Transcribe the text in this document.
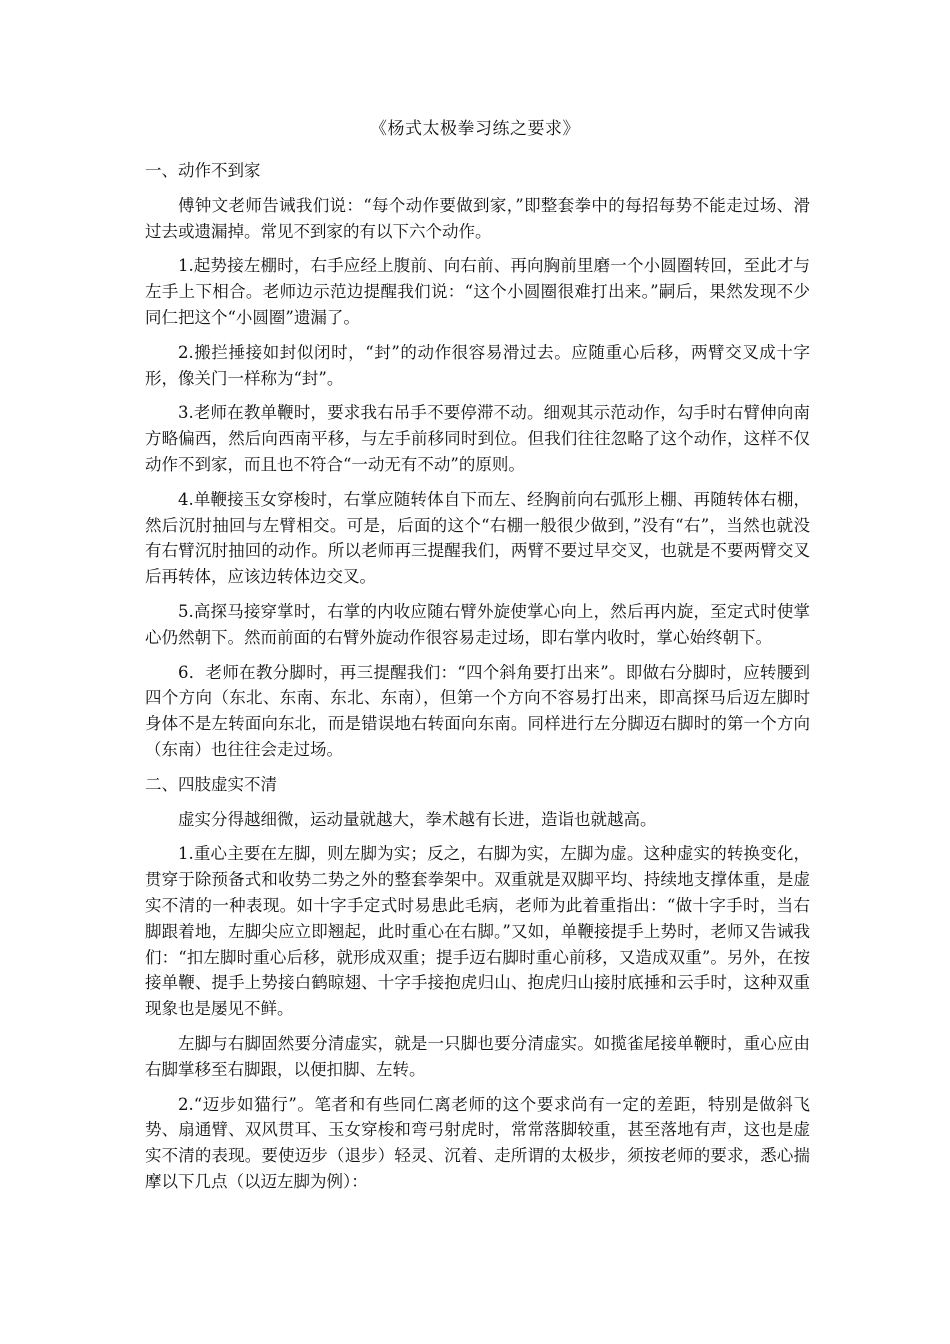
《杨式太极拳习练之要求》
一、动作不到家

傅钟文老师告诫我们说：“每个动作要做到家，”即整套拳中的每招每势不能走过场、滑过去或遗漏掉。常见不到家的有以下六个动作。

1.起势接左棚时，右手应经上腹前、向右前、再向胸前里磨一个小圆圈转回，至此才与左手上下相合。老师边示范边提醒我们说：“这个小圆圈很难打出来。”嗣后，果然发现不少同仁把这个“小圆圈”遗漏了。

2.搬拦捶接如封似闭时，“封”的动作很容易滑过去。应随重心后移，两臂交叉成十字形，像关门一样称为“封”。

3.老师在教单鞭时，要求我右吊手不要停滞不动。细观其示范动作，勾手时右臂伸向南方略偏西，然后向西南平移，与左手前移同时到位。但我们往往忽略了这个动作，这样不仅动作不到家，而且也不符合“一动无有不动”的原则。

4.单鞭接玉女穿梭时，右掌应随转体自下而左、经胸前向右弧形上棚、再随转体右棚，然后沉肘抽回与左臂相交。可是，后面的这个“右棚一般很少做到，”没有“右”，当然也就没有右臂沉肘抽回的动作。所以老师再三提醒我们，两臂不要过早交叉，也就是不要两臂交叉后再转体，应该边转体边交叉。

5.高探马接穿掌时，右掌的内收应随右臂外旋使掌心向上，然后再内旋，至定式时使掌心仍然朝下。然而前面的右臂外旋动作很容易走过场，即右掌内收时，掌心始终朝下。

6．老师在教分脚时，再三提醒我们：“四个斜角要打出来”。即做右分脚时，应转腰到四个方向（东北、东南、东北、东南），但第一个方向不容易打出来，即高探马后迈左脚时身体不是左转面向东北，而是错误地右转面向东南。同样进行左分脚迈右脚时的第一个方向（东南）也往往会走过场。

二、四肢虚实不清

虚实分得越细微，运动量就越大，拳术越有长进，造诣也就越高。

1.重心主要在左脚，则左脚为实；反之，右脚为实，左脚为虚。这种虚实的转换变化，贯穿于除预备式和收势二势之外的整套拳架中。双重就是双脚平均、持续地支撑体重，是虚实不清的一种表现。如十字手定式时易患此毛病，老师为此着重指出：“做十字手时，当右脚跟着地，左脚尖应立即翘起，此时重心在右脚。”又如，单鞭接提手上势时，老师又告诫我们：“扣左脚时重心后移，就形成双重；提手迈右脚时重心前移，又造成双重”。另外，在按接单鞭、提手上势接白鹤晾翅、十字手接抱虎归山、抱虎归山接肘底捶和云手时，这种双重现象也是屡见不鲜。

左脚与右脚固然要分清虚实，就是一只脚也要分清虚实。如揽雀尾接单鞭时，重心应由右脚掌移至右脚跟，以便扣脚、左转。

2.“迈步如猫行”。笔者和有些同仁离老师的这个要求尚有一定的差距，特别是做斜飞势、扇通臂、双风贯耳、玉女穿梭和弯弓射虎时，常常落脚较重，甚至落地有声，这也是虚实不清的表现。要使迈步（退步）轻灵、沉着、走所谓的太极步，须按老师的要求，悉心揣摩以下几点（以迈左脚为例）：
